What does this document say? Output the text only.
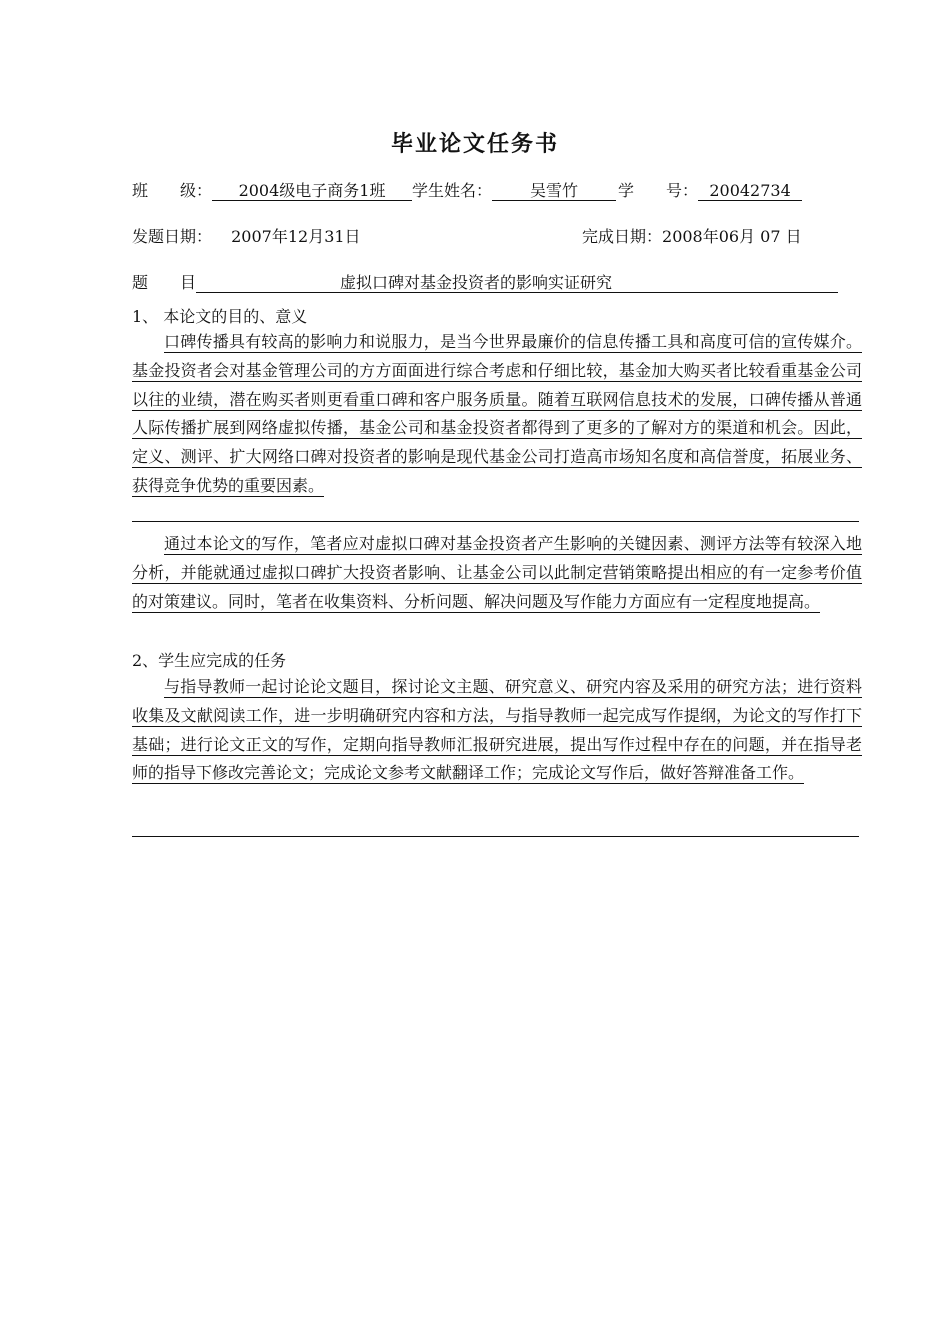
毕业论文任务书
班　　级： 2004级电子商务1班 学生姓名： 吴雪竹	学　　号： 20042734
发题日期： 2007年12月31日	完成日期：2008年06月 07 日
题　　目	虚拟口碑对基金投资者的影响实证研究
1、 本论文的目的、意义
口碑传播具有较高的影响力和说服力，是当今世界最廉价的信息传播工具和高度可信的宣传媒介。基金投资者会对基金管理公司的方方面面进行综合考虑和仔细比较，基金加大购买者比较看重基金公司以往的业绩，潜在购买者则更看重口碑和客户服务质量。随着互联网信息技术的发展，口碑传播从普通人际传播扩展到网络虚拟传播，基金公司和基金投资者都得到了更多的了解对方的渠道和机会。因此，定义、测评、扩大网络口碑对投资者的影响是现代基金公司打造高市场知名度和高信誉度，拓展业务、获得竞争优势的重要因素。
通过本论文的写作，笔者应对虚拟口碑对基金投资者产生影响的关键因素、测评方法等有较深入地分析，并能就通过虚拟口碑扩大投资者影响、让基金公司以此制定营销策略提出相应的有一定参考价值的对策建议。同时，笔者在收集资料、分析问题、解决问题及写作能力方面应有一定程度地提高。
2、学生应完成的任务
与指导教师一起讨论论文题目，探讨论文主题、研究意义、研究内容及采用的研究方法；进行资料收集及文献阅读工作，进一步明确研究内容和方法，与指导教师一起完成写作提纲，为论文的写作打下基础；进行论文正文的写作，定期向指导教师汇报研究进展，提出写作过程中存在的问题，并在指导老师的指导下修改完善论文；完成论文参考文献翻译工作；完成论文写作后，做好答辩准备工作。
